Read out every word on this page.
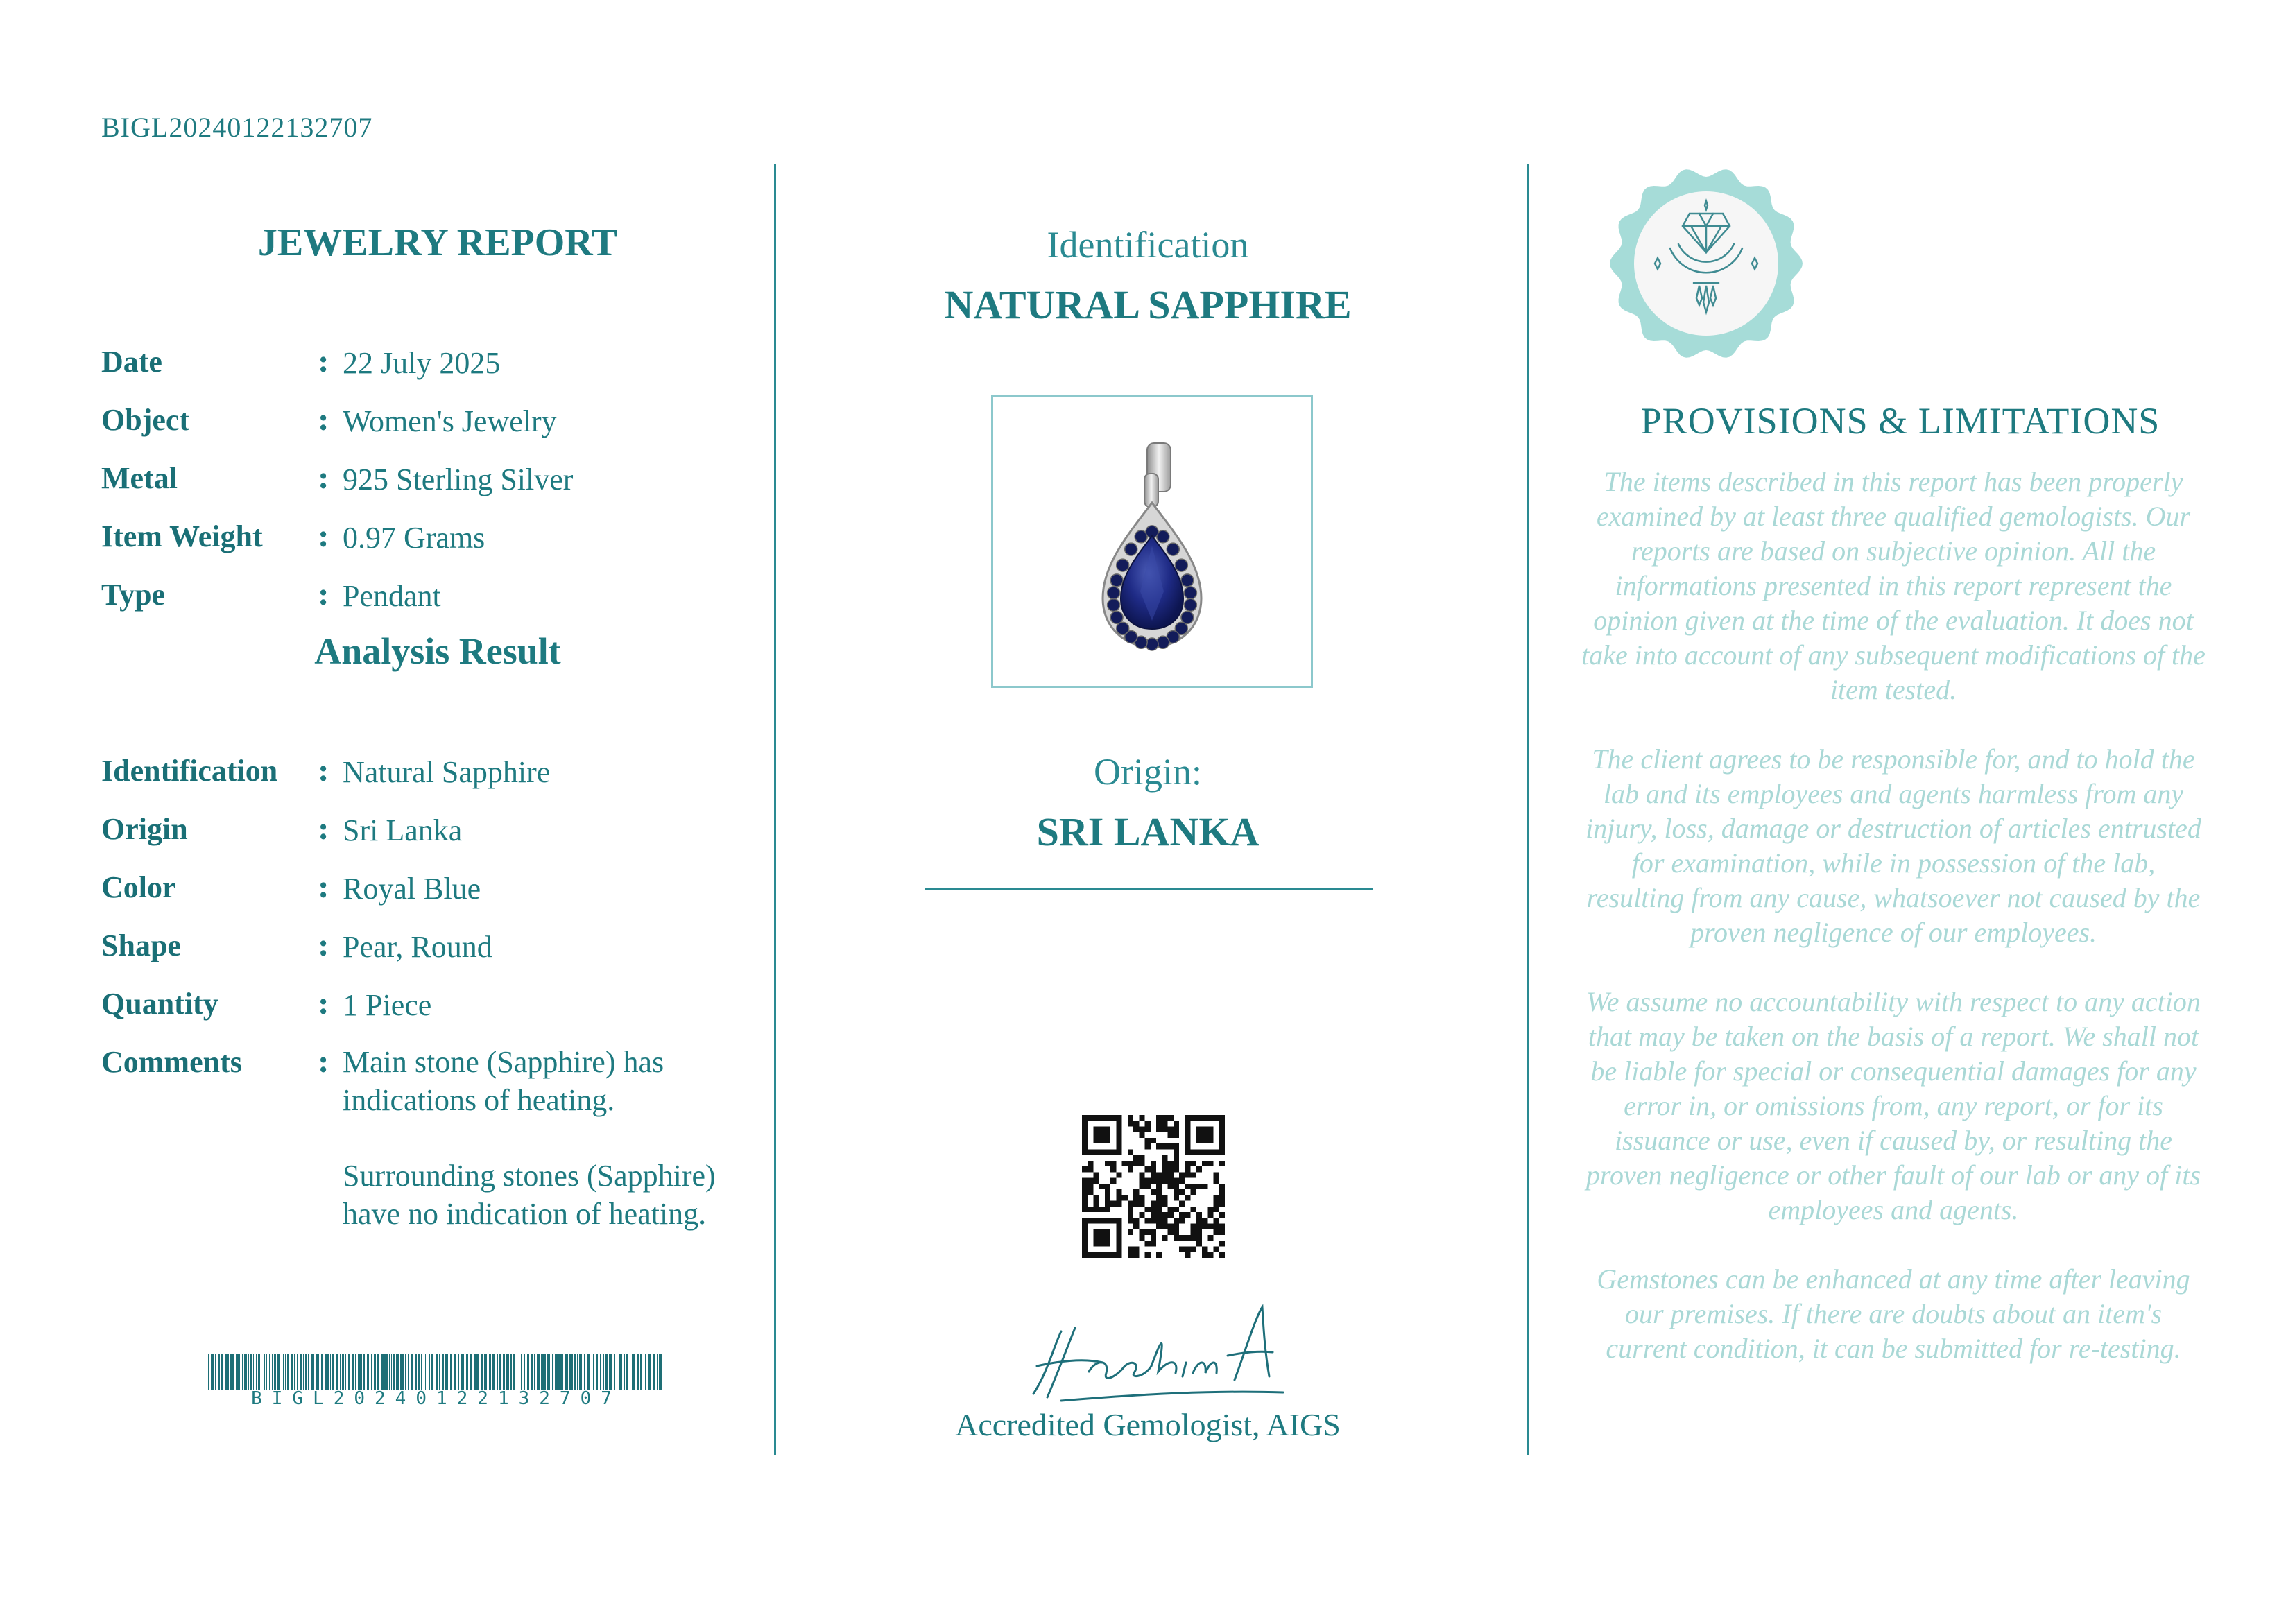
BIGL20240122132707
JEWELRY REPORT
Date	: 22 July 2025
Object	: Women's Jewelry
Metal	: 925 Sterling Silver
Item Weight : 0.97 Grams
Type	: Pendant
Analysis Result
Identification : Natural Sapphire
Origin	: Sri Lanka
Color	: Royal Blue
Shape	: Pear, Round
Quantity	: 1 Piece
Comments : Main stone (Sapphire) has indications of heating.
Surrounding stones (Sapphire) have no indication of heating.
BIGL20240122132707
Identification
NATURAL SAPPHIRE
Origin:
SRI LANKA
Accredited Gemologist, AIGS
PROVISIONS & LIMITATIONS

The items described in this report has been properly examined by at least three qualified gemologists. Our reports are based on subjective opinion. All the informations presented in this report represent the opinion given at the time of the evaluation. It does not take into account of any subsequent modifications of the item tested.

The client agrees to be responsible for, and to hold the lab and its employees and agents harmless from any injury, loss, damage or destruction of articles entrusted for examination, while in possession of the lab, resulting from any cause, whatsoever not caused by the proven negligence of our employees.

We assume no accountability with respect to any action that may be taken on the basis of a report. We shall not be liable for special or consequential damages for any error in, or omissions from, any report, or for its issuance or use, even if caused by, or resulting the proven negligence or other fault of our lab or any of its employees and agents.

Gemstones can be enhanced at any time after leaving our premises. If there are doubts about an item's current condition, it can be submitted for re-testing.
